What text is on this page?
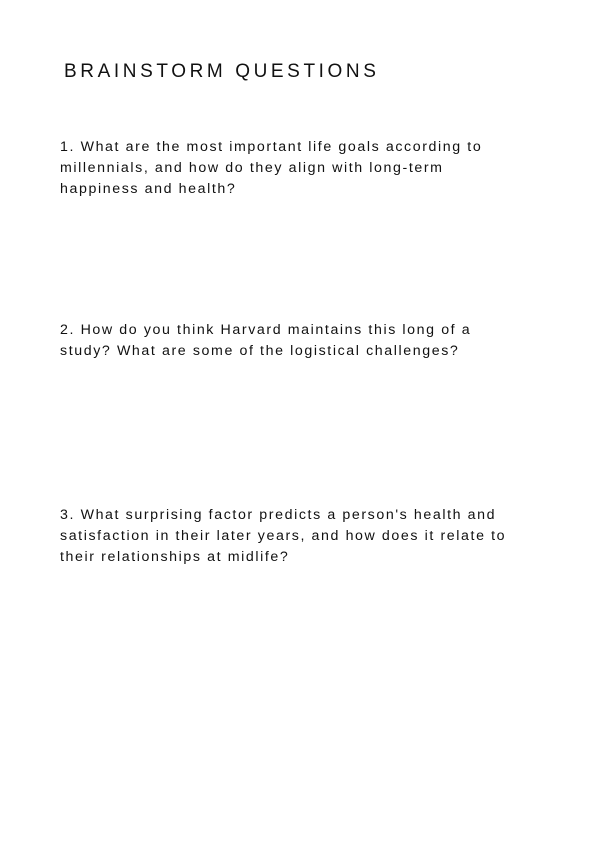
BRAINSTORM QUESTIONS

1. What are the most important life goals according to
millennials, and how do they align with long-term
happiness and health?

2. How do you think Harvard maintains this long of a
study? What are some of the logistical challenges?

3. What surprising factor predicts a person's health and
satisfaction in their later years, and how does it relate to
their relationships at midlife?
